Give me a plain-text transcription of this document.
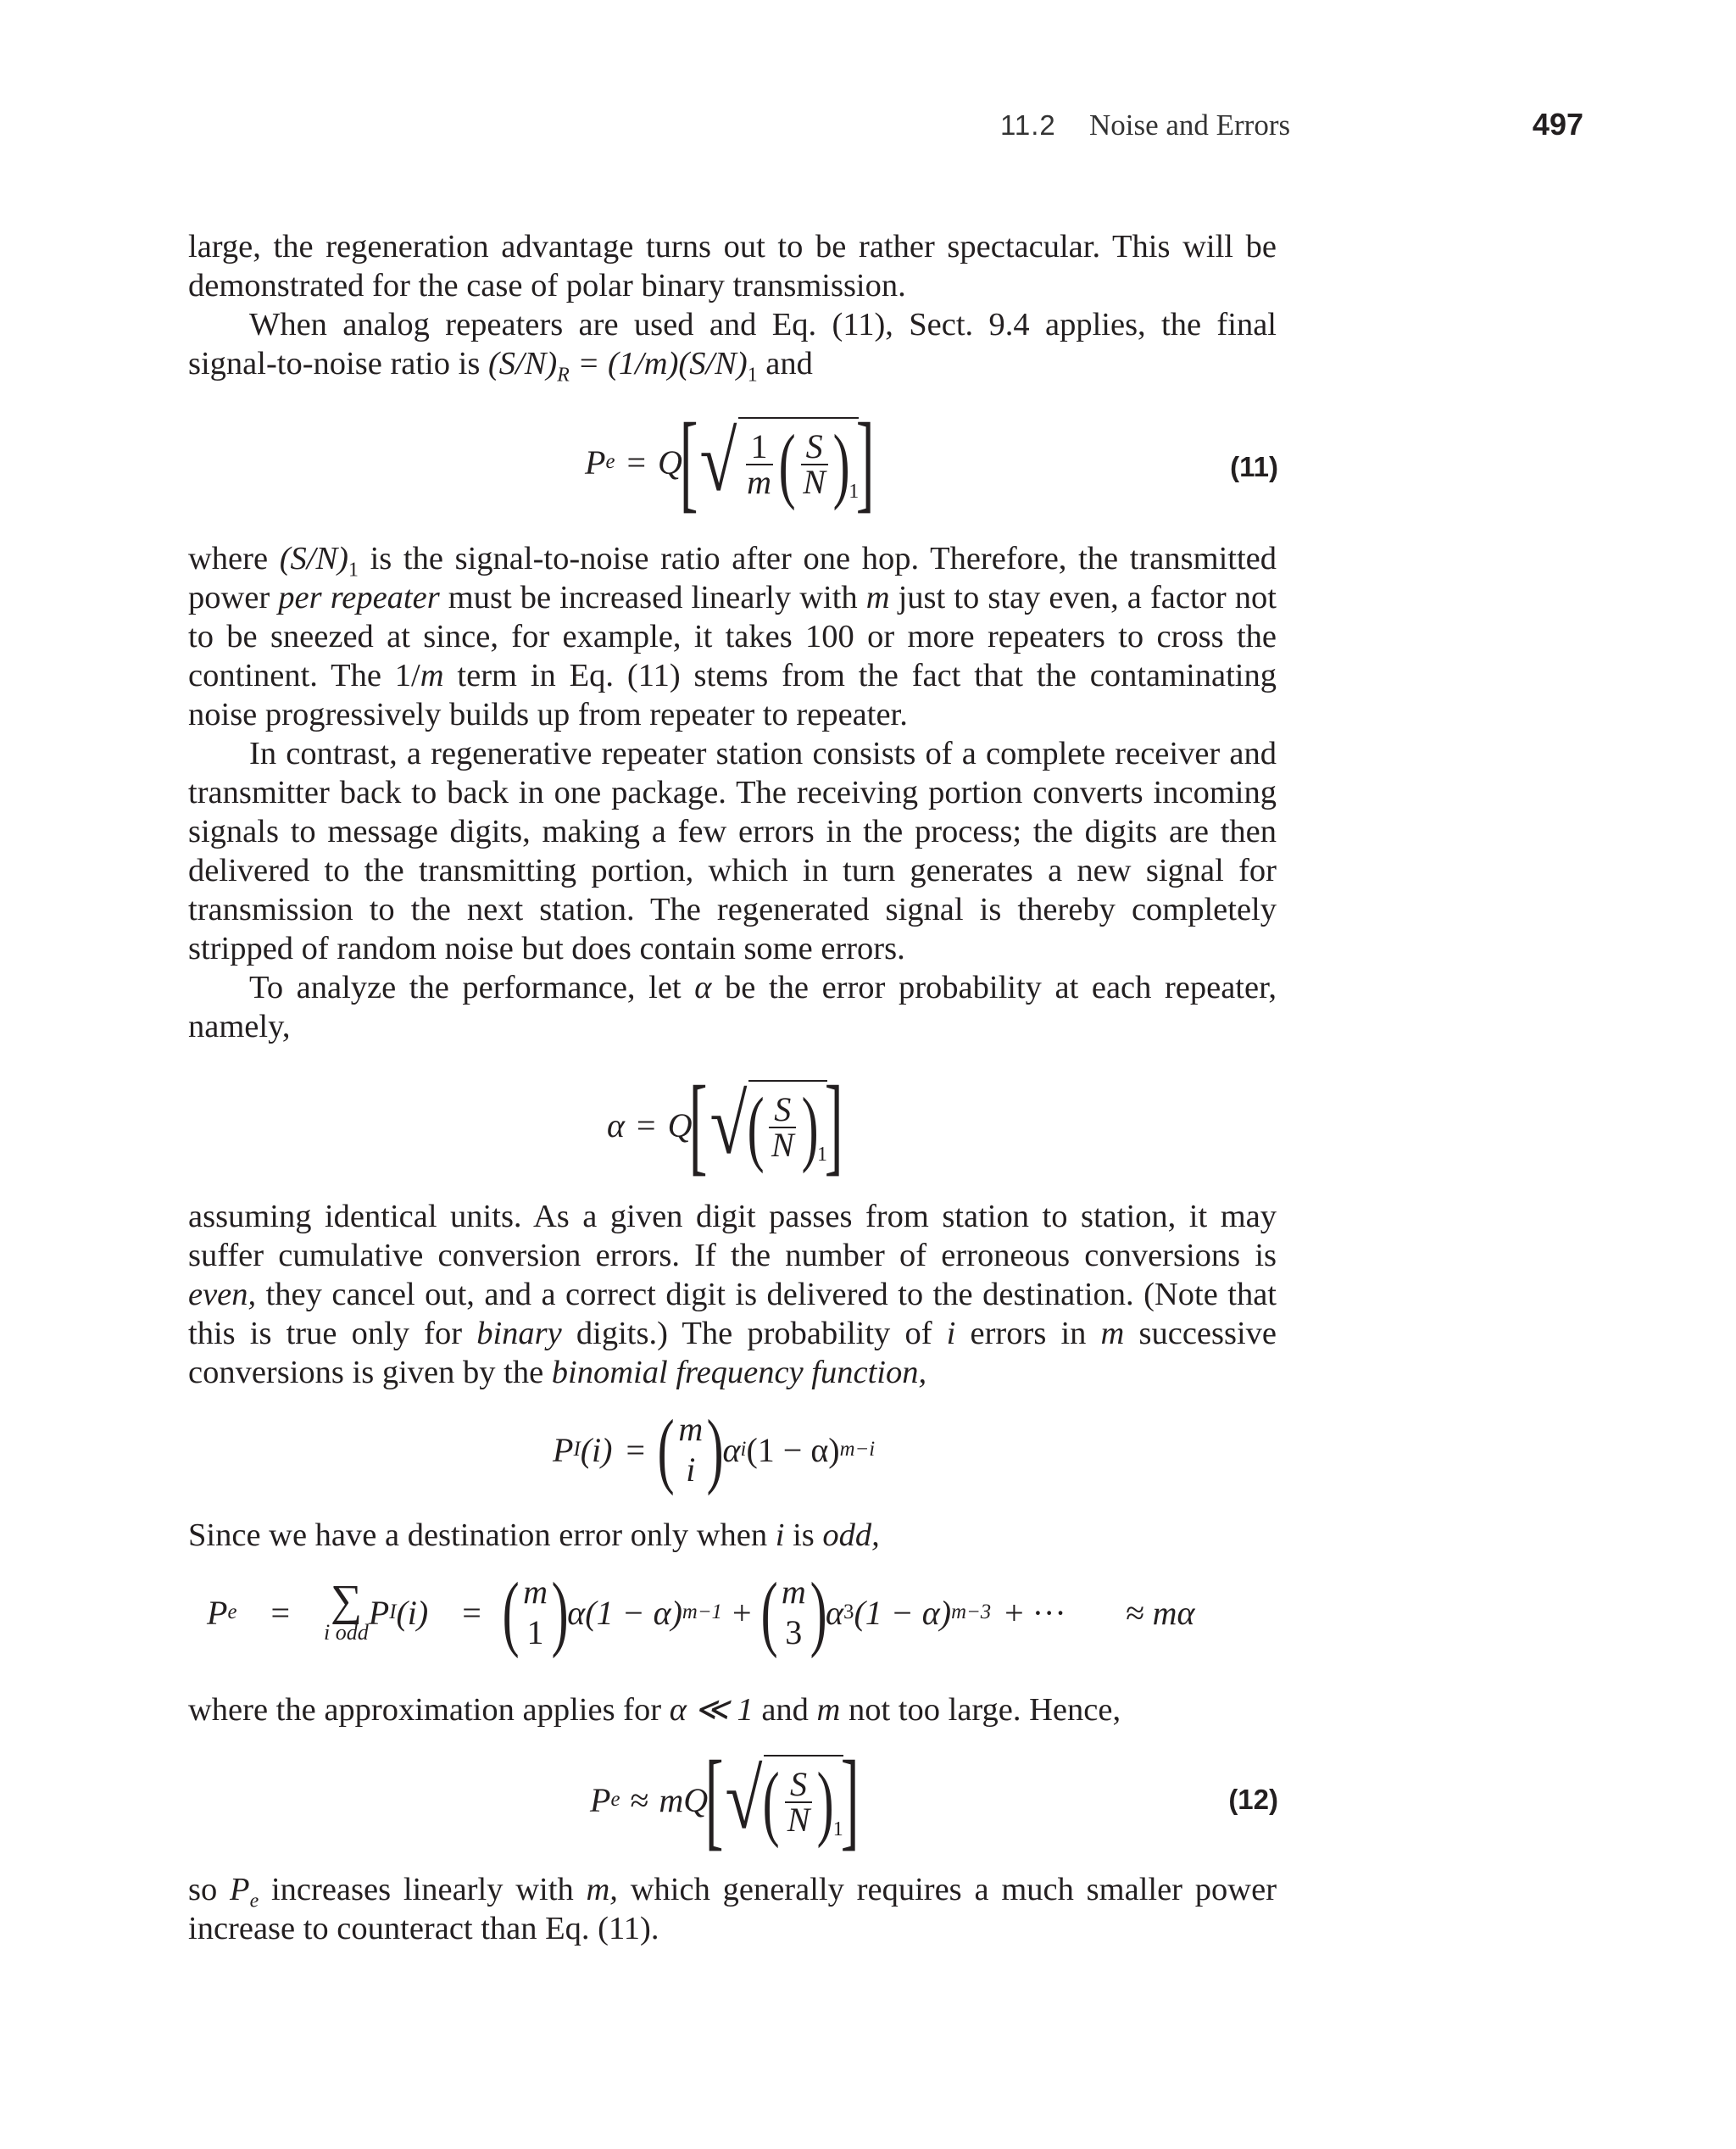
11.2 Noise and Errors	497

large, the regeneration advantage turns out to be rather spectacular. This will be demonstrated for the case of polar binary transmission.

When analog repeaters are used and Eq. (11), Sect. 9.4 applies, the final signal-to-noise ratio is $(S/N)_R = (1/m)(S/N)_1$ and

P e = Q
[ √ $\frac{1}{m}$ ( $\frac{S}{N}$ )
1
]	(11)

where $(S/N)_1$ is the signal-to-noise ratio after one hop. Therefore, the transmitted power per repeater must be increased linearly with m just to stay even, a factor not to be sneezed at since, for example, it takes 100 or more repeaters to cross the continent. The 1/m term in Eq. (11) stems from the fact that the contaminating noise progressively builds up from repeater to repeater.

In contrast, a regenerative repeater station consists of a complete receiver and transmitter back to back in one package. The receiving portion converts incoming signals to message digits, making a few errors in the process; the digits are then delivered to the transmitting portion, which in turn generates a new signal for transmission to the next station. The regenerated signal is thereby completely stripped of random noise but does contain some errors.

To analyze the performance, let α be the error probability at each repeater, namely,

α = Q
[ √ ( $\frac{S}{N}$ )
1
]

assuming identical units. As a given digit passes from station to station, it may suffer cumulative conversion errors. If the number of erroneous conversions is even, they cancel out, and a correct digit is delivered to the destination. (Note that this is true only for binary digits.) The probability of i errors in m successive conversions is given by the binomial frequency function,

P I (i) = ( m
i )
α i (1 − α) m−i

Since we have a destination error only when i is odd,

P e = ∑
i odd
P I (i) = ( m
1 )
α(1 − α) m−1 + ( m
3 )
α 3 (1 − α) m−3 + ··· ≈ mα

where the approximation applies for α ≪ 1 and m not too large. Hence,

P e ≈ mQ
[ √ ( $\frac{S}{N}$ )
1
]	(12)

so $P_e$ increases linearly with m, which generally requires a much smaller power increase to counteract than Eq. (11).
